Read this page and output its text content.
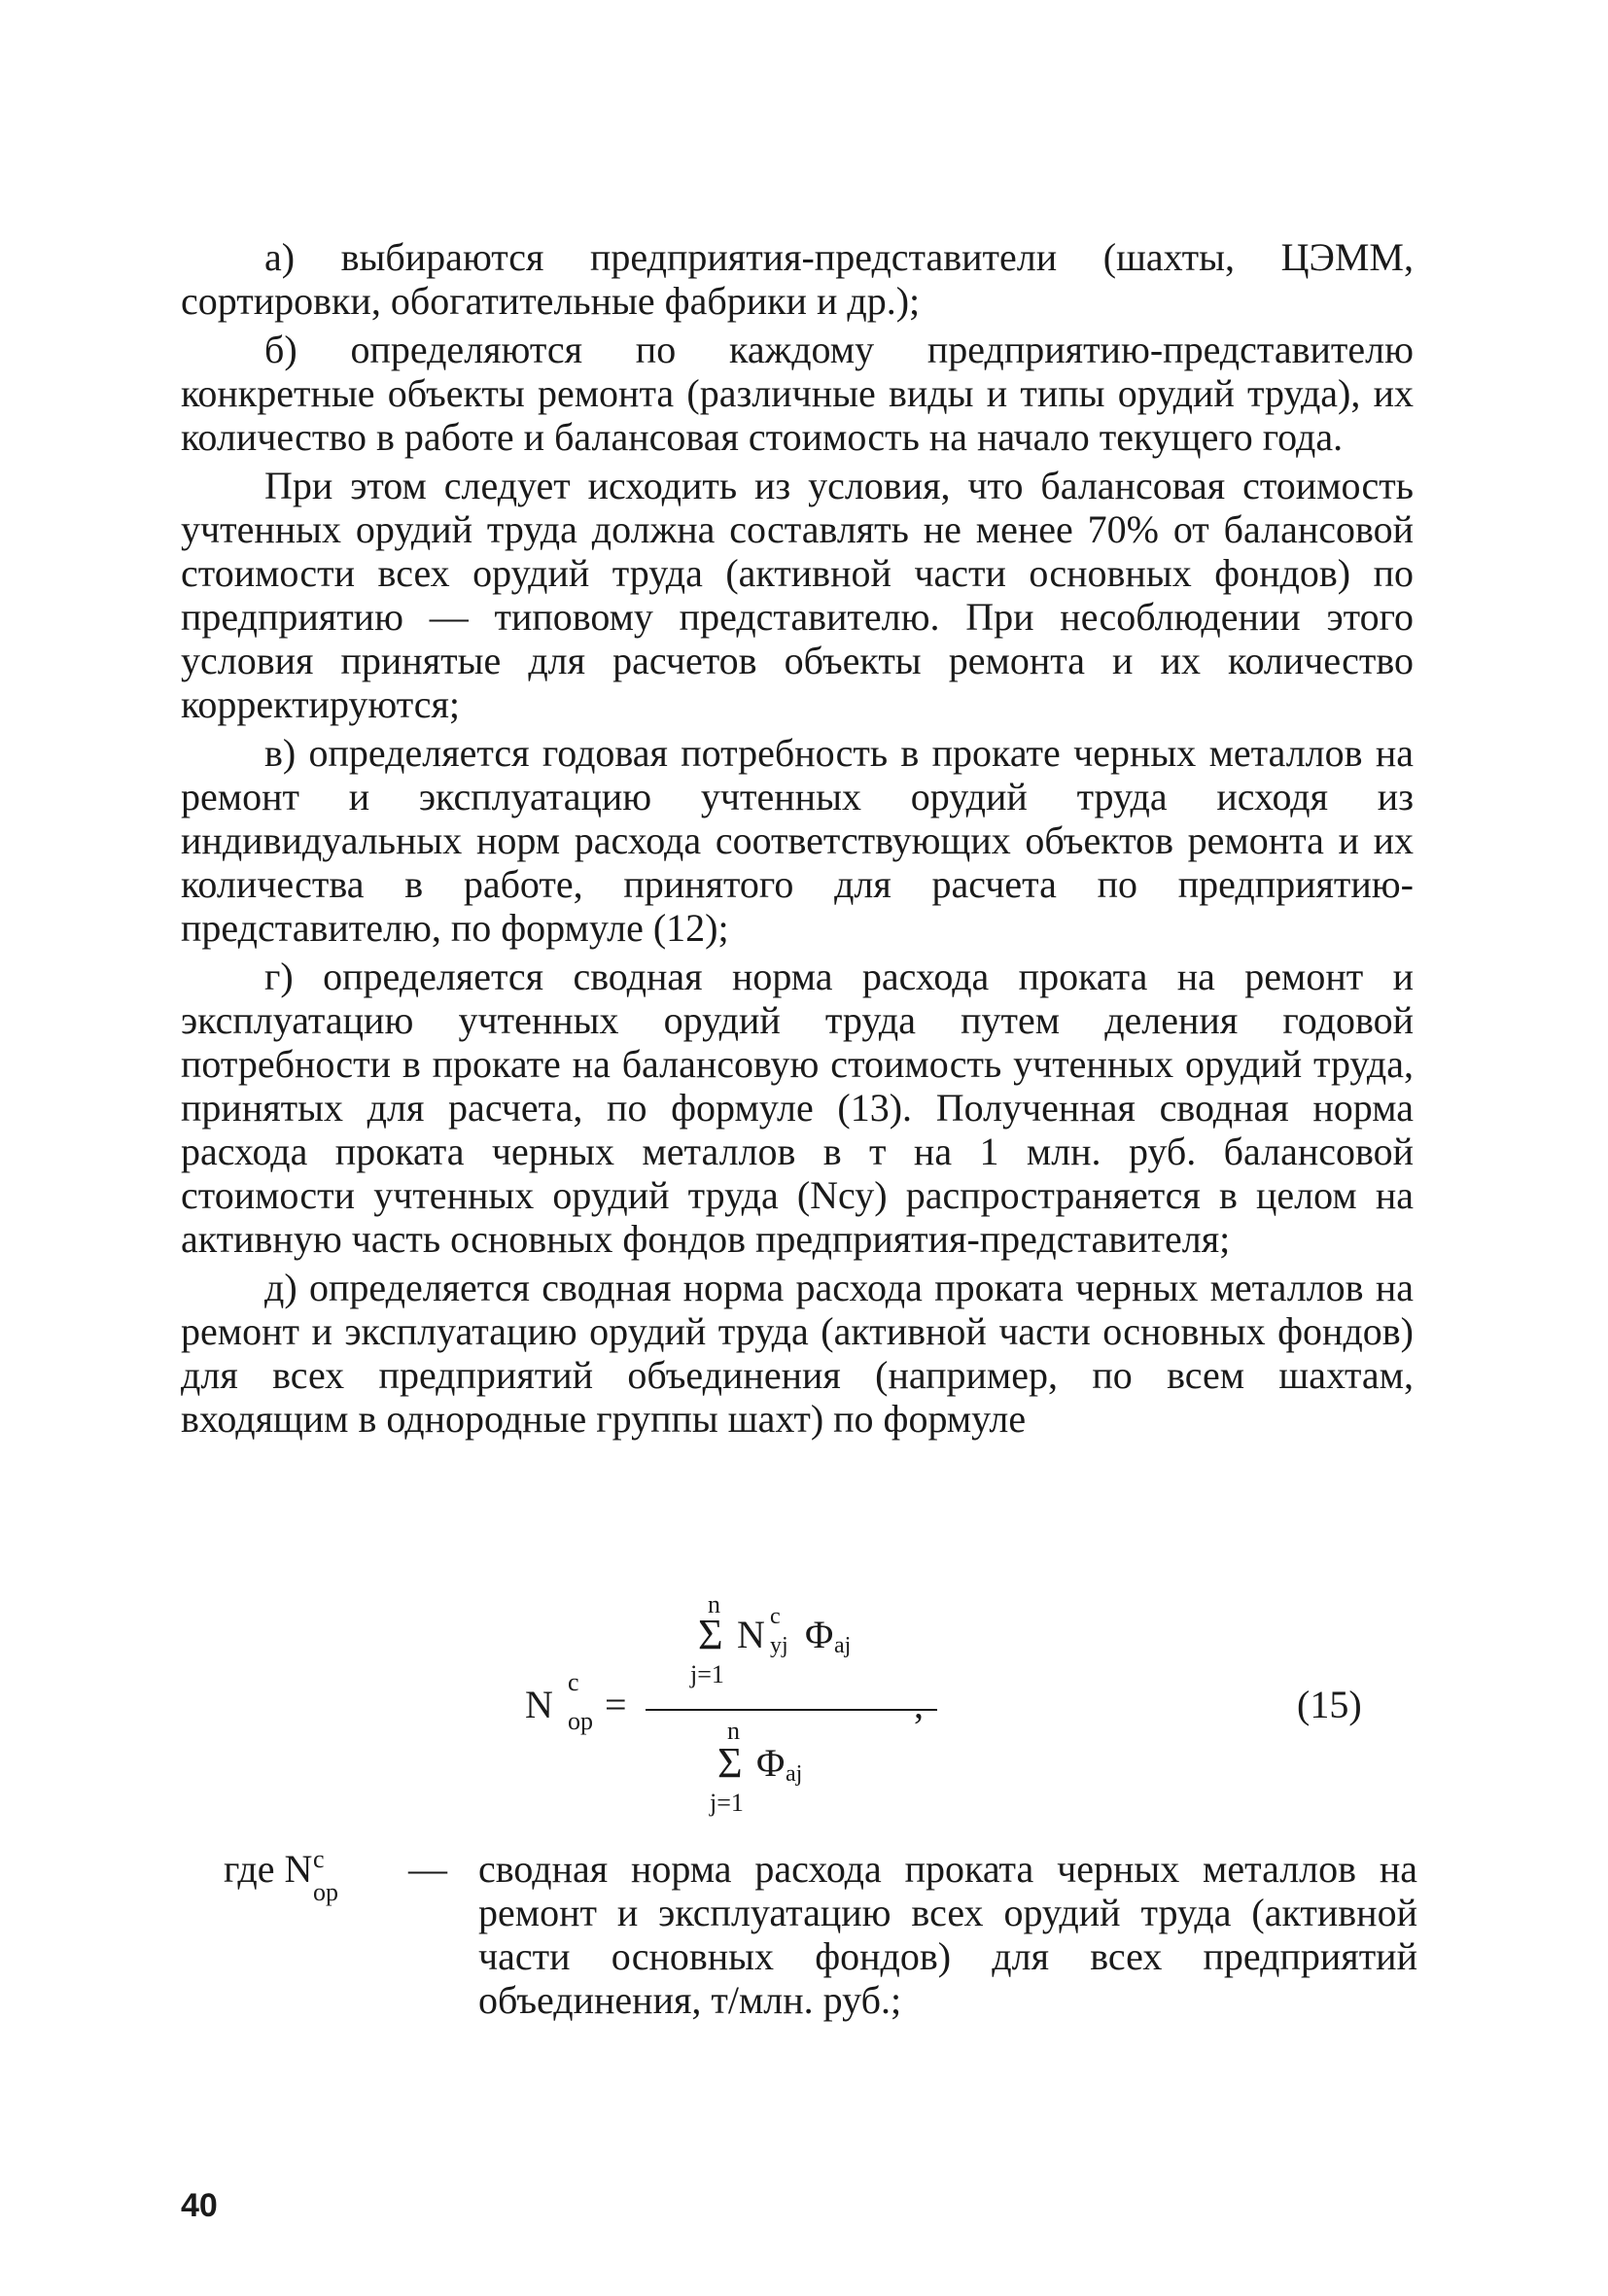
а) выбираются предприятия-представители (шахты, ЦЭММ, сортировки, обогатительные фабрики и др.);

б) определяются по каждому предприятию-представителю конкретные объекты ремонта (различные виды и типы орудий труда), их количество в работе и балансовая стоимость на начало текущего года.

При этом следует исходить из условия, что балансовая стоимость учтенных орудий труда должна составлять не менее 70% от балансовой стоимости всех орудий труда (активной части основных фондов) по предприятию — типовому представителю. При несоблюдении этого условия принятые для расчетов объекты ремонта и их количество корректируются;

в) определяется годовая потребность в прокате черных металлов на ремонт и эксплуатацию учтенных орудий труда исходя из индивидуальных норм расхода соответствующих объектов ремонта и их количества в работе, принятого для расчета по предприятию-представителю, по формуле (12);

г) определяется сводная норма расхода проката на ремонт и эксплуатацию учтенных орудий труда путем деления годовой потребности в прокате на балансовую стоимость учтенных орудий труда, принятых для расчета, по формуле (13). Полученная сводная норма расхода проката черных металлов в т на 1 млн. руб. балансовой стоимости учтенных орудий труда (Nсу) распространяется в целом на активную часть основных фондов предприятия-представителя;

д) определяется сводная норма расхода проката черных металлов на ремонт и эксплуатацию орудий труда (активной части основных фондов) для всех предприятий объединения (например, по всем шахтам, входящим в однородные группы шахт) по формуле

N
c
op =
n
Σ
j=1
N c
yj Φ aj
n
Σ
j=1
Φ aj
,	(15)
где N с
ор
— сводная норма расхода проката черных металлов на ремонт и эксплуатацию всех орудий труда (активной части основных фондов) для всех предприятий объединения, т/млн. руб.;
40
